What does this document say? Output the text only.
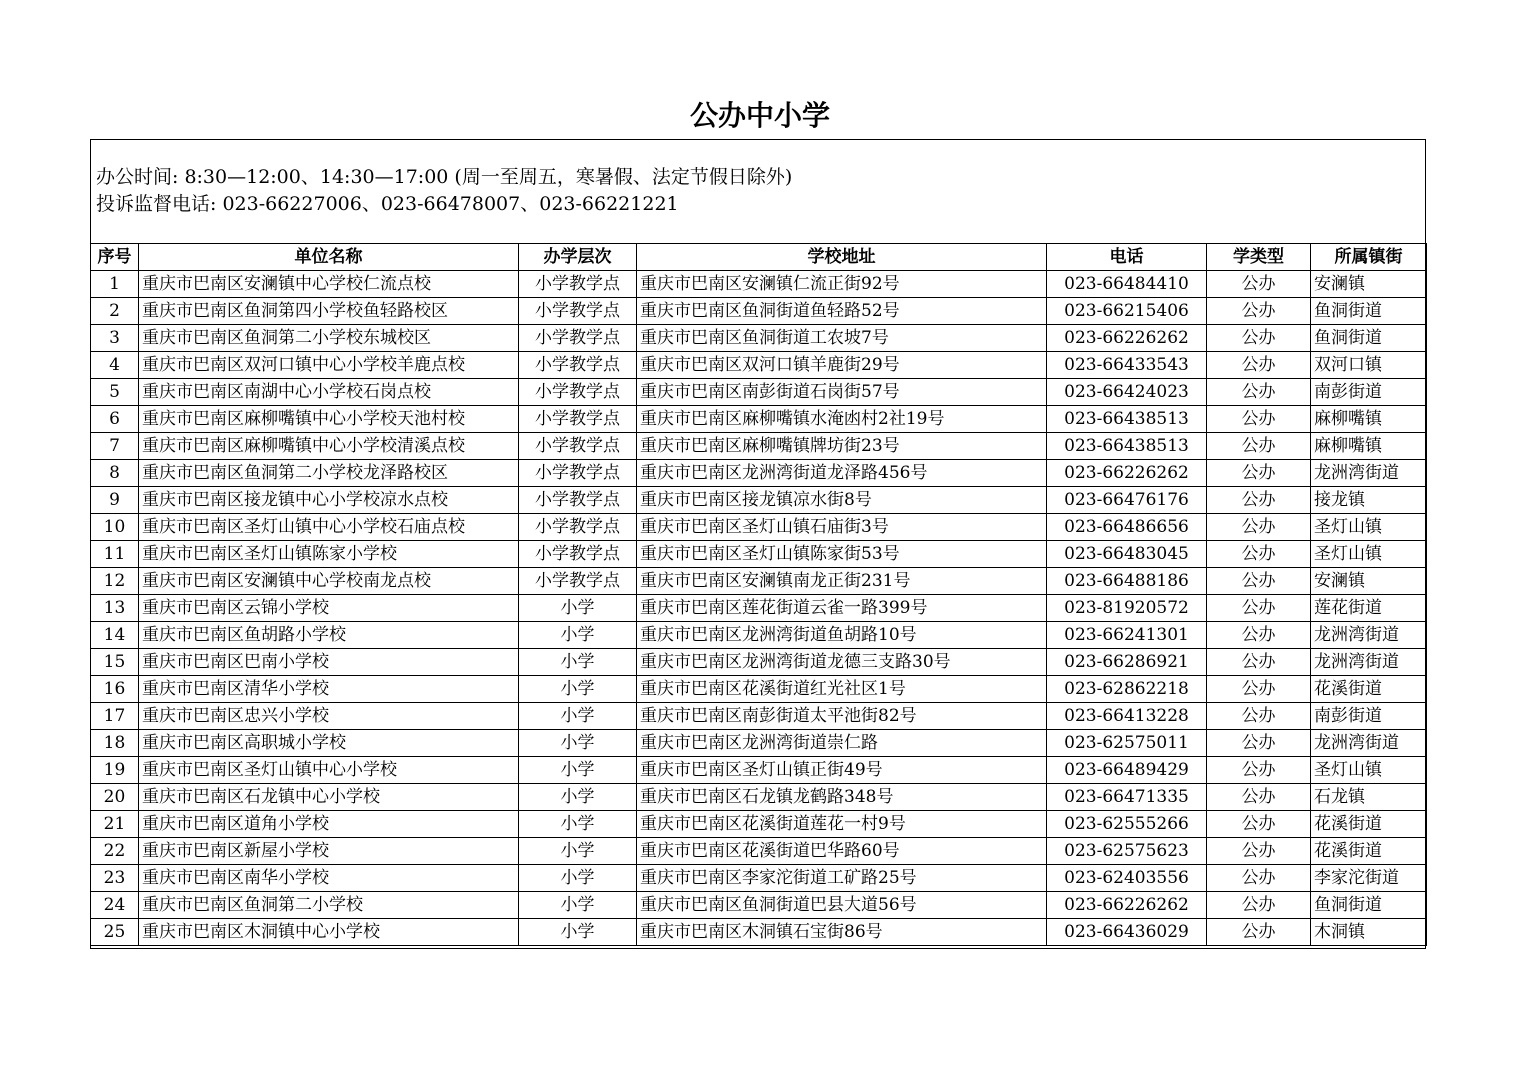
公办中小学
办公时间: 8:30—12:00、14:30—17:00 (周一至周五，寒暑假、法定节假日除外)
投诉监督电话: 023-66227006、023-66478007、023-66221221
序号	单位名称	办学层次	学校地址	电话	学类型	所属镇街
1	重庆市巴南区安澜镇中心学校仁流点校	小学教学点	重庆市巴南区安澜镇仁流正街92号	023-66484410	公办	安澜镇
2	重庆市巴南区鱼洞第四小学校鱼轻路校区	小学教学点	重庆市巴南区鱼洞街道鱼轻路52号	023-66215406	公办	鱼洞街道
3	重庆市巴南区鱼洞第二小学校东城校区	小学教学点	重庆市巴南区鱼洞街道工农坡7号	023-66226262	公办	鱼洞街道
4	重庆市巴南区双河口镇中心小学校羊鹿点校	小学教学点	重庆市巴南区双河口镇羊鹿街29号	023-66433543	公办	双河口镇
5	重庆市巴南区南湖中心小学校石岗点校	小学教学点	重庆市巴南区南彭街道石岗街57号	023-66424023	公办	南彭街道
6	重庆市巴南区麻柳嘴镇中心小学校天池村校	小学教学点	重庆市巴南区麻柳嘴镇水淹凼村2社19号	023-66438513	公办	麻柳嘴镇
7	重庆市巴南区麻柳嘴镇中心小学校清溪点校	小学教学点	重庆市巴南区麻柳嘴镇牌坊街23号	023-66438513	公办	麻柳嘴镇
8	重庆市巴南区鱼洞第二小学校龙泽路校区	小学教学点	重庆市巴南区龙洲湾街道龙泽路456号	023-66226262	公办	龙洲湾街道
9	重庆市巴南区接龙镇中心小学校凉水点校	小学教学点	重庆市巴南区接龙镇凉水街8号	023-66476176	公办	接龙镇
10	重庆市巴南区圣灯山镇中心小学校石庙点校	小学教学点	重庆市巴南区圣灯山镇石庙街3号	023-66486656	公办	圣灯山镇
11	重庆市巴南区圣灯山镇陈家小学校	小学教学点	重庆市巴南区圣灯山镇陈家街53号	023-66483045	公办	圣灯山镇
12	重庆市巴南区安澜镇中心学校南龙点校	小学教学点	重庆市巴南区安澜镇南龙正街231号	023-66488186	公办	安澜镇
13	重庆市巴南区云锦小学校	小学	重庆市巴南区莲花街道云雀一路399号	023-81920572	公办	莲花街道
14	重庆市巴南区鱼胡路小学校	小学	重庆市巴南区龙洲湾街道鱼胡路10号	023-66241301	公办	龙洲湾街道
15	重庆市巴南区巴南小学校	小学	重庆市巴南区龙洲湾街道龙德三支路30号	023-66286921	公办	龙洲湾街道
16	重庆市巴南区清华小学校	小学	重庆市巴南区花溪街道红光社区1号	023-62862218	公办	花溪街道
17	重庆市巴南区忠兴小学校	小学	重庆市巴南区南彭街道太平池街82号	023-66413228	公办	南彭街道
18	重庆市巴南区高职城小学校	小学	重庆市巴南区龙洲湾街道崇仁路	023-62575011	公办	龙洲湾街道
19	重庆市巴南区圣灯山镇中心小学校	小学	重庆市巴南区圣灯山镇正街49号	023-66489429	公办	圣灯山镇
20	重庆市巴南区石龙镇中心小学校	小学	重庆市巴南区石龙镇龙鹤路348号	023-66471335	公办	石龙镇
21	重庆市巴南区道角小学校	小学	重庆市巴南区花溪街道莲花一村9号	023-62555266	公办	花溪街道
22	重庆市巴南区新屋小学校	小学	重庆市巴南区花溪街道巴华路60号	023-62575623	公办	花溪街道
23	重庆市巴南区南华小学校	小学	重庆市巴南区李家沱街道工矿路25号	023-62403556	公办	李家沱街道
24	重庆市巴南区鱼洞第二小学校	小学	重庆市巴南区鱼洞街道巴县大道56号	023-66226262	公办	鱼洞街道
25	重庆市巴南区木洞镇中心小学校	小学	重庆市巴南区木洞镇石宝街86号	023-66436029	公办	木洞镇
